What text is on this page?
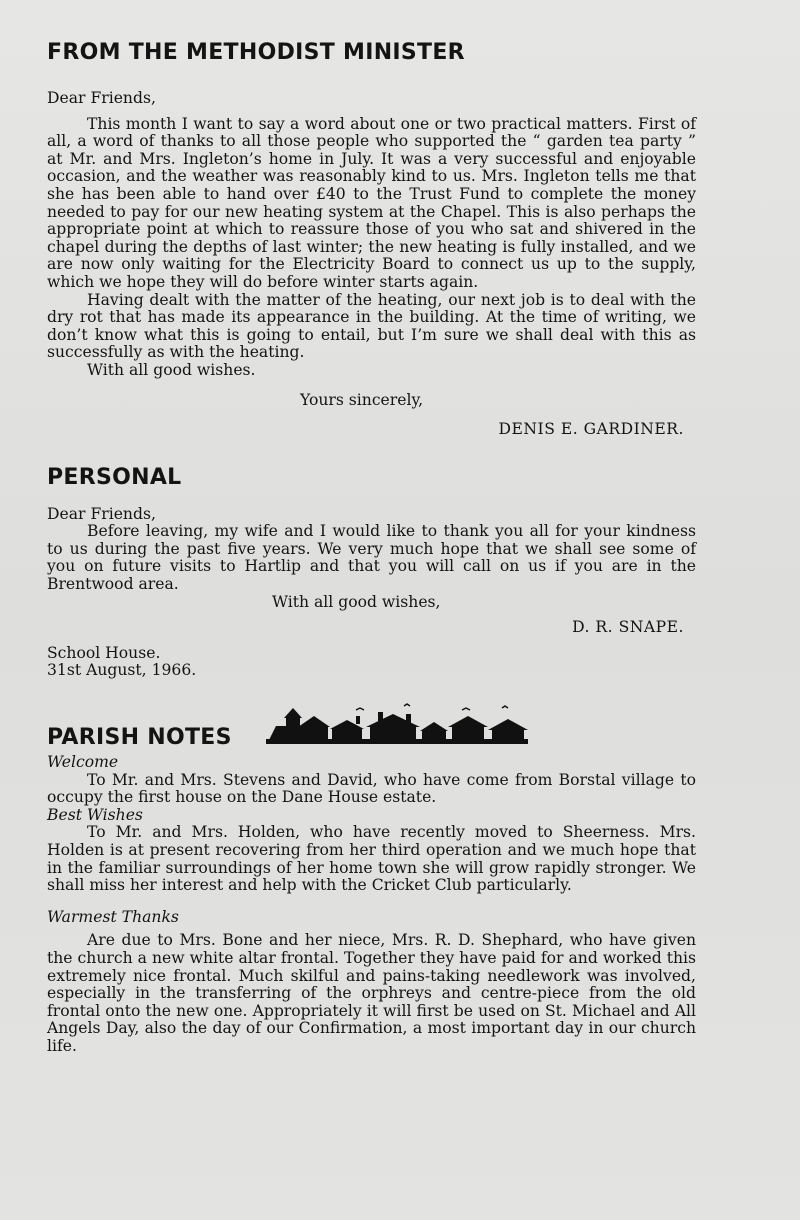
FROM THE METHODIST MINISTER

Dear Friends,

This month I want to say a word about one or two practical matters. First of all, a word of thanks to all those people who supported the “ garden tea party ” at Mr. and Mrs. Ingleton’s home in July. It was a very successful and enjoyable occasion, and the weather was reasonably kind to us. Mrs. Ingleton tells me that she has been able to hand over £40 to the Trust Fund to complete the money needed to pay for our new heating system at the Chapel. This is also perhaps the appropriate point at which to reassure those of you who sat and shivered in the chapel during the depths of last winter; the new heating is fully installed, and we are now only waiting for the Electricity Board to connect us up to the supply, which we hope they will do before winter starts again.

Having dealt with the matter of the heating, our next job is to deal with the dry rot that has made its appearance in the building. At the time of writing, we don’t know what this is going to entail, but I’m sure we shall deal with this as successfully as with the heating.

With all good wishes.

Yours sincerely,

DENIS E. GARDINER.

PERSONAL

Dear Friends,

Before leaving, my wife and I would like to thank you all for your kindness to us during the past five years. We very much hope that we shall see some of you on future visits to Hartlip and that you will call on us if you are in the Brentwood area.

With all good wishes,

D. R. SNAPE.

School House.

31st August, 1966.

PARISH NOTES
Welcome

To Mr. and Mrs. Stevens and David, who have come from Borstal village to occupy the first house on the Dane House estate.

Best Wishes

To Mr. and Mrs. Holden, who have recently moved to Sheerness. Mrs. Holden is at present recovering from her third operation and we much hope that in the familiar surroundings of her home town she will grow rapidly stronger. We shall miss her interest and help with the Cricket Club particularly.

Warmest Thanks

Are due to Mrs. Bone and her niece, Mrs. R. D. Shephard, who have given the church a new white altar frontal. Together they have paid for and worked this extremely nice frontal. Much skilful and pains-taking needlework was involved, especially in the transferring of the orphreys and centre-piece from the old frontal onto the new one. Appropriately it will first be used on St. Michael and All Angels Day, also the day of our Confirmation, a most important day in our church life.
